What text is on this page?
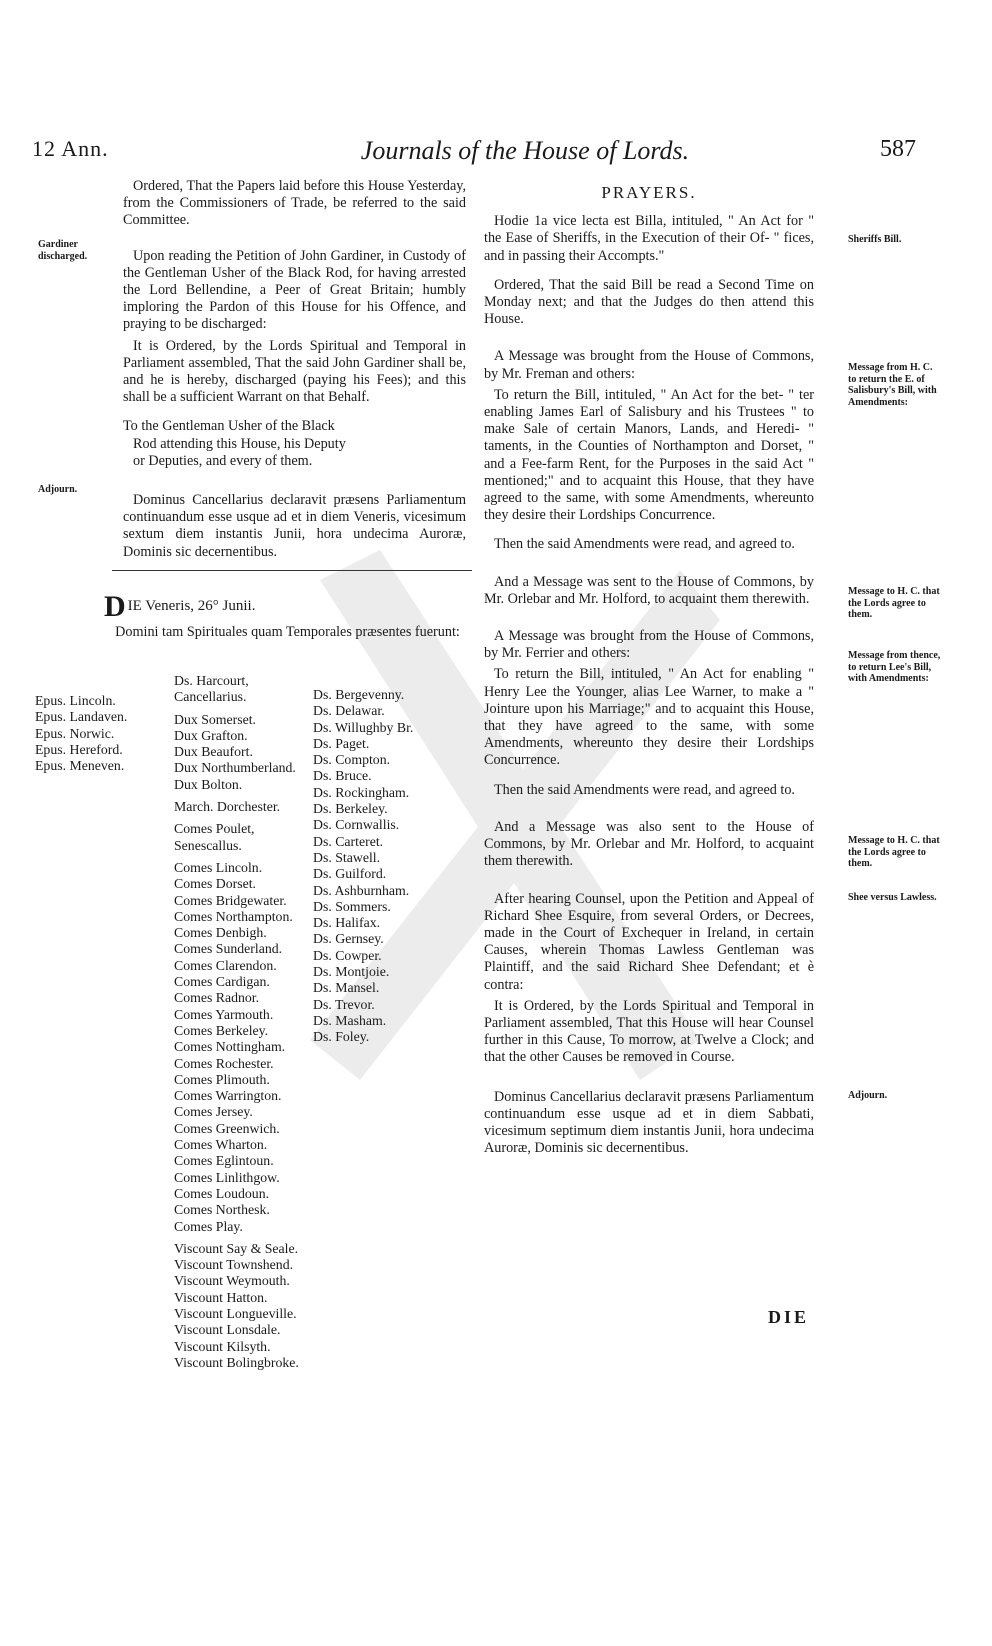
12 Ann.	Journals of the House of Lords.	587
Gardiner discharged.
Adjourn.

Ordered, That the Papers laid before this House Yesterday, from the Commissioners of Trade, be referred to the said Committee.

Upon reading the Petition of John Gardiner, in Custody of the Gentleman Usher of the Black Rod, for having arrested the Lord Bellendine, a Peer of Great Britain; humbly imploring the Pardon of this House for his Offence, and praying to be discharged:

It is Ordered, by the Lords Spiritual and Temporal in Parliament assembled, That the said John Gardiner shall be, and he is hereby, discharged (paying his Fees); and this shall be a sufficient Warrant on that Behalf.

To the Gentleman Usher of the Black
Rod attending this House, his Deputy
or Deputies, and every of them.

Dominus Cancellarius declaravit præsens Parliamentum continuandum esse usque ad et in diem Veneris, vicesimum sextum diem instantis Junii, hora undecima Auroræ, Dominis sic decernentibus.

DIE Veneris, 26° Junii.
Domini tam Spirituales quam Temporales præsentes fuerunt:
Epus. Lincoln.
Epus. Landaven.
Epus. Norwic.
Epus. Hereford.
Epus. Meneven.
Ds. Harcourt, Cancellarius.
Dux Somerset.
Dux Grafton.
Dux Beaufort.
Dux Northumberland.
Dux Bolton.
March. Dorchester.
Comes Poulet, Senescallus.
Comes Lincoln.
Comes Dorset.
Comes Bridgewater.
Comes Northampton.
Comes Denbigh.
Comes Sunderland.
Comes Clarendon.
Comes Cardigan.
Comes Radnor.
Comes Yarmouth.
Comes Berkeley.
Comes Nottingham.
Comes Rochester.
Comes Plimouth.
Comes Warrington.
Comes Jersey.
Comes Greenwich.
Comes Wharton.
Comes Eglintoun.
Comes Linlithgow.
Comes Loudoun.
Comes Northesk.
Comes Play.
Viscount Say & Seale.
Viscount Townshend.
Viscount Weymouth.
Viscount Hatton.
Viscount Longueville.
Viscount Lonsdale.
Viscount Kilsyth.
Viscount Bolingbroke.
Ds. Bergevenny.
Ds. Delawar.
Ds. Willughby Br.
Ds. Paget.
Ds. Compton.
Ds. Bruce.
Ds. Rockingham.
Ds. Berkeley.
Ds. Cornwallis.
Ds. Carteret.
Ds. Stawell.
Ds. Guilford.
Ds. Ashburnham.
Ds. Sommers.
Ds. Halifax.
Ds. Gernsey.
Ds. Cowper.
Ds. Montjoie.
Ds. Mansel.
Ds. Trevor.
Ds. Masham.
Ds. Foley.

PRAYERS.

Hodie 1a vice lecta est Billa, intituled, " An Act for " the Ease of Sheriffs, in the Execution of their Of- " fices, and in passing their Accompts."

Ordered, That the said Bill be read a Second Time on Monday next; and that the Judges do then attend this House.

A Message was brought from the House of Commons, by Mr. Freman and others:

To return the Bill, intituled, " An Act for the bet- " ter enabling James Earl of Salisbury and his Trustees " to make Sale of certain Manors, Lands, and Heredi- " taments, in the Counties of Northampton and Dorset, " and a Fee-farm Rent, for the Purposes in the said Act " mentioned;" and to acquaint this House, that they have agreed to the same, with some Amendments, whereunto they desire their Lordships Concurrence.

Then the said Amendments were read, and agreed to.

And a Message was sent to the House of Commons, by Mr. Orlebar and Mr. Holford, to acquaint them therewith.

A Message was brought from the House of Commons, by Mr. Ferrier and others:

To return the Bill, intituled, " An Act for enabling " Henry Lee the Younger, alias Lee Warner, to make a " Jointure upon his Marriage;" and to acquaint this House, that they have agreed to the same, with some Amendments, whereunto they desire their Lordships Concurrence.

Then the said Amendments were read, and agreed to.

And a Message was also sent to the House of Commons, by Mr. Orlebar and Mr. Holford, to acquaint them therewith.

After hearing Counsel, upon the Petition and Appeal of Richard Shee Esquire, from several Orders, or Decrees, made in the Court of Exchequer in Ireland, in certain Causes, wherein Thomas Lawless Gentleman was Plaintiff, and the said Richard Shee Defendant; et è contra:

It is Ordered, by the Lords Spiritual and Temporal in Parliament assembled, That this House will hear Counsel further in this Cause, To morrow, at Twelve a Clock; and that the other Causes be removed in Course.

Dominus Cancellarius declaravit præsens Parliamentum continuandum esse usque ad et in diem Sabbati, vicesimum septimum diem instantis Junii, hora undecima Auroræ, Dominis sic decernentibus.

Sheriffs Bill.
Message from H. C. to return the E. of Salisbury's Bill, with Amendments:
Message to H. C. that the Lords agree to them.
Message from thence, to return Lee's Bill, with Amendments:
Message to H. C. that the Lords agree to them.
Shee versus Lawless.
Adjourn.
DIE
